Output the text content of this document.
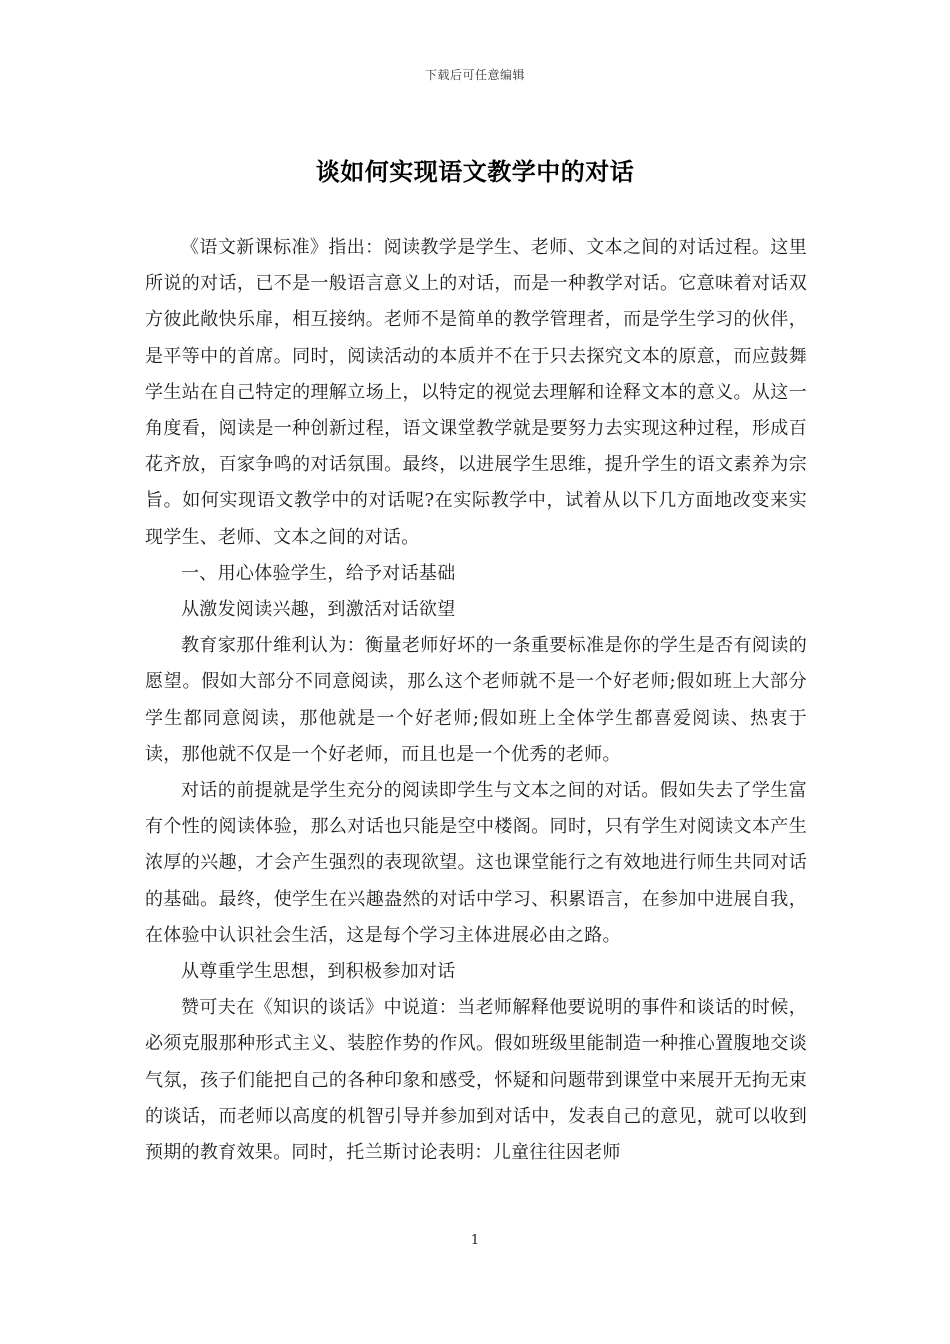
下载后可任意编辑
谈如何实现语文教学中的对话

《语文新课标准》指出：阅读教学是学生、老师、文本之间的对话过程。这里所说的对话，已不是一般语言意义上的对话，而是一种教学对话。它意味着对话双方彼此敞快乐扉，相互接纳。老师不是简单的教学管理者，而是学生学习的伙伴，是平等中的首席。同时，阅读活动的本质并不在于只去探究文本的原意，而应鼓舞学生站在自己特定的理解立场上，以特定的视觉去理解和诠释文本的意义。从这一角度看，阅读是一种创新过程，语文课堂教学就是要努力去实现这种过程，形成百花齐放，百家争鸣的对话氛围。最终，以进展学生思维，提升学生的语文素养为宗旨。如何实现语文教学中的对话呢?在实际教学中，试着从以下几方面地改变来实现学生、老师、文本之间的对话。

一、用心体验学生，给予对话基础

从激发阅读兴趣，到激活对话欲望

教育家那什维利认为：衡量老师好坏的一条重要标准是你的学生是否有阅读的愿望。假如大部分不同意阅读，那么这个老师就不是一个好老师;假如班上大部分学生都同意阅读，那他就是一个好老师;假如班上全体学生都喜爱阅读、热衷于读，那他就不仅是一个好老师，而且也是一个优秀的老师。

对话的前提就是学生充分的阅读即学生与文本之间的对话。假如失去了学生富有个性的阅读体验，那么对话也只能是空中楼阁。同时，只有学生对阅读文本产生浓厚的兴趣，才会产生强烈的表现欲望。这也课堂能行之有效地进行师生共同对话的基础。最终，使学生在兴趣盎然的对话中学习、积累语言，在参加中进展自我，在体验中认识社会生活，这是每个学习主体进展必由之路。

从尊重学生思想，到积极参加对话

赞可夫在《知识的谈话》中说道：当老师解释他要说明的事件和谈话的时候，必须克服那种形式主义、装腔作势的作风。假如班级里能制造一种推心置腹地交谈气氛，孩子们能把自己的各种印象和感受，怀疑和问题带到课堂中来展开无拘无束的谈话，而老师以高度的机智引导并参加到对话中，发表自己的意见，就可以收到预期的教育效果。同时，托兰斯讨论表明：儿童往往因老师

1
